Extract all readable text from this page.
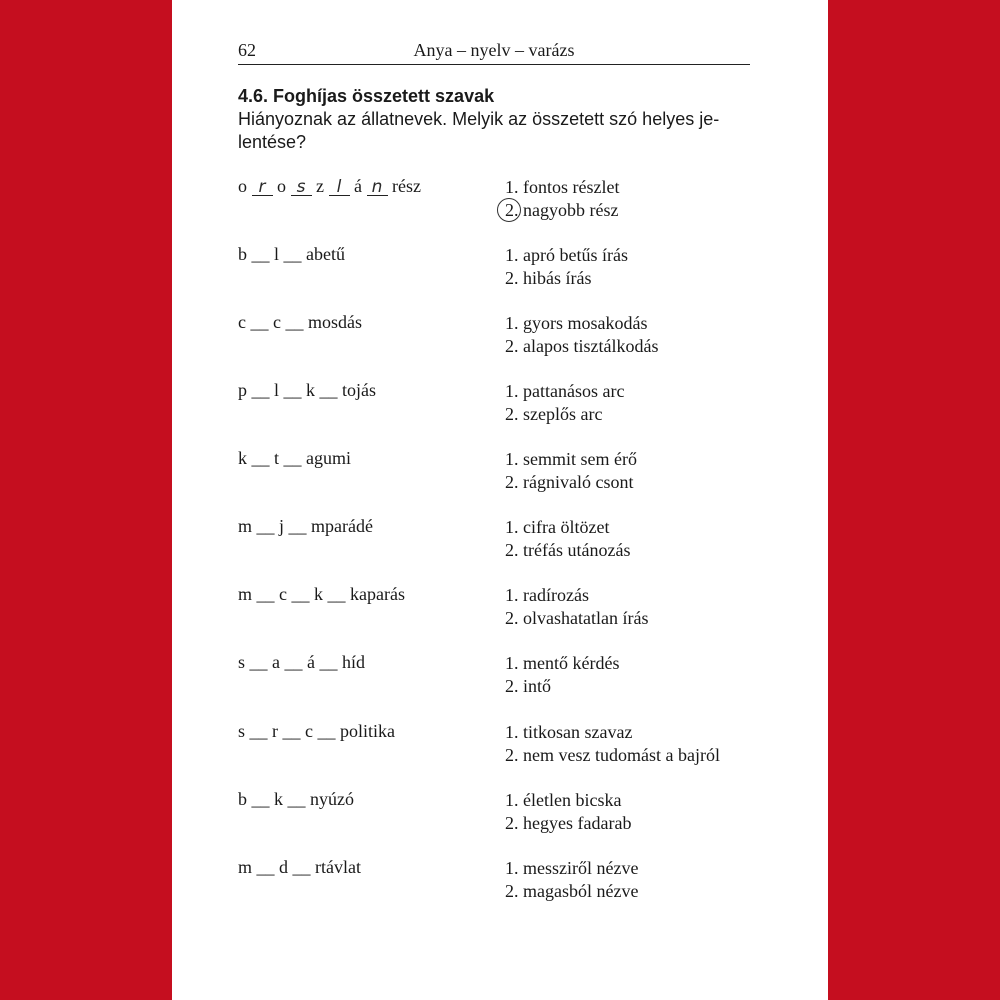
62	Anya – nyelv – varázs
4.6. Foghíjas összetett szavak
Hiányoznak az állatnevek. Melyik az összetett szó helyes je-
lentése?
o r o s z l á n rész	1. fontos részlet
2. nagyobb rész
b __ l __ abetű	1. apró betűs írás
2. hibás írás
c __ c __ mosdás	1. gyors mosakodás
2. alapos tisztálkodás
p __ l __ k __ tojás	1. pattanásos arc
2. szeplős arc
k __ t __ agumi	1. semmit sem érő
2. rágnivaló csont
m __ j __ mparádé	1. cifra öltözet
2. tréfás utánozás
m __ c __ k __ kaparás	1. radírozás
2. olvashatatlan írás
s __ a __ á __ híd	1. mentő kérdés
2. intő
s __ r __ c __ politika	1. titkosan szavaz
2. nem vesz tudomást a bajról
b __ k __ nyúzó	1. életlen bicska
2. hegyes fadarab
m __ d __ rtávlat	1. messziről nézve
2. magasból nézve
